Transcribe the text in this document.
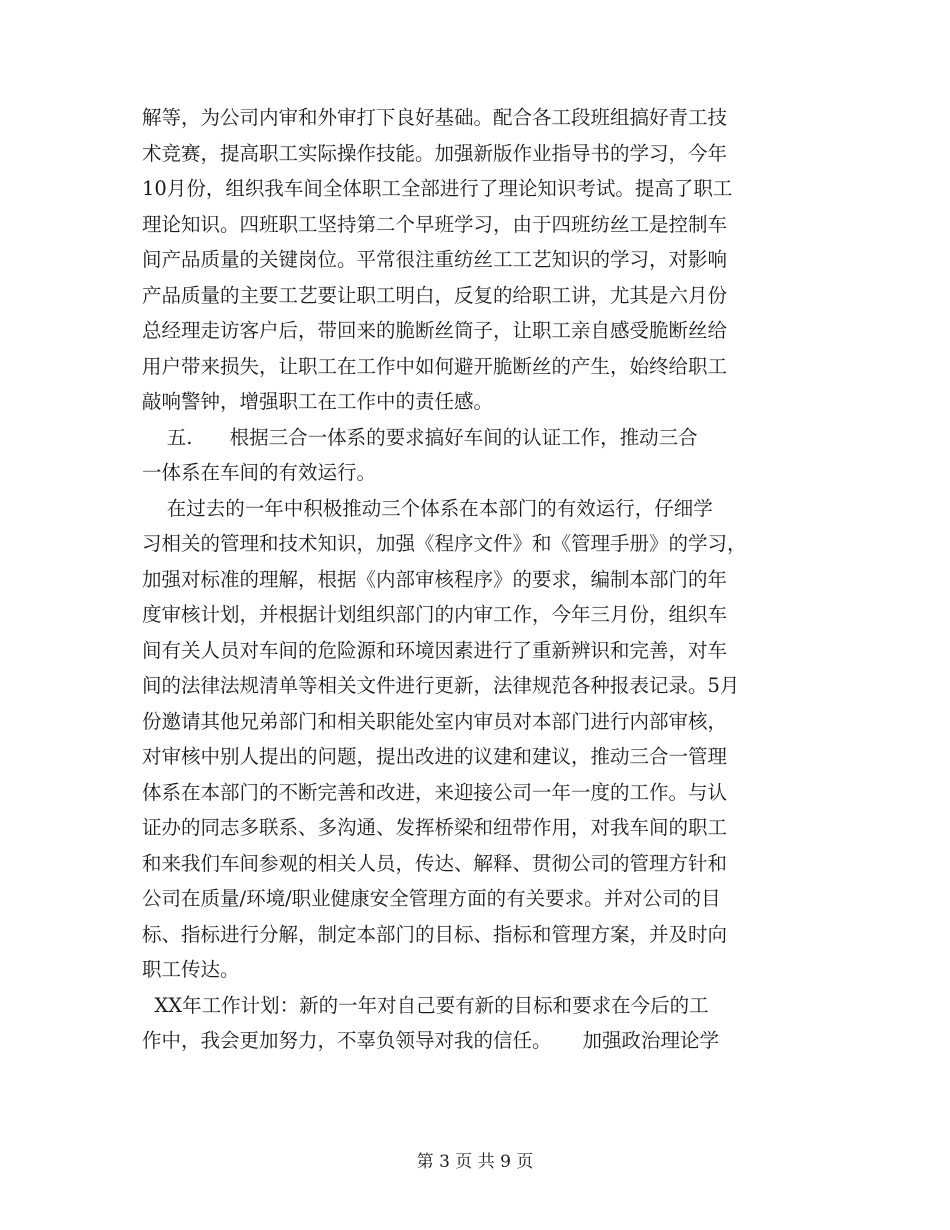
解等，为公司内审和外审打下良好基础。配合各工段班组搞好青工技
术竞赛，提高职工实际操作技能。加强新版作业指导书的学习，今年
10月份，组织我车间全体职工全部进行了理论知识考试。提高了职工
理论知识。四班职工坚持第二个早班学习，由于四班纺丝工是控制车
间产品质量的关键岗位。平常很注重纺丝工工艺知识的学习，对影响
产品质量的主要工艺要让职工明白，反复的给职工讲，尤其是六月份
总经理走访客户后，带回来的脆断丝筒子，让职工亲自感受脆断丝给
用户带来损失，让职工在工作中如何避开脆断丝的产生，始终给职工
敲响警钟，增强职工在工作中的责任感。
五.      根据三合一体系的要求搞好车间的认证工作，推动三合
一体系在车间的有效运行。
在过去的一年中积极推动三个体系在本部门的有效运行，仔细学
习相关的管理和技术知识，加强《程序文件》和《管理手册》的学习，
加强对标准的理解，根据《内部审核程序》的要求，编制本部门的年
度审核计划，并根据计划组织部门的内审工作，今年三月份，组织车
间有关人员对车间的危险源和环境因素进行了重新辨识和完善，对车
间的法律法规清单等相关文件进行更新，法律规范各种报表记录。5月
份邀请其他兄弟部门和相关职能处室内审员对本部门进行内部审核，
对审核中别人提出的问题，提出改进的议建和建议，推动三合一管理
体系在本部门的不断完善和改进，来迎接公司一年一度的工作。与认
证办的同志多联系、多沟通、发挥桥梁和纽带作用，对我车间的职工
和来我们车间参观的相关人员，传达、解释、贯彻公司的管理方针和
公司在质量/环境/职业健康安全管理方面的有关要求。并对公司的目
标、指标进行分解，制定本部门的目标、指标和管理方案，并及时向
职工传达。
XX年工作计划：新的一年对自己要有新的目标和要求在今后的工
作中，我会更加努力，不辜负领导对我的信任。     加强政治理论学
第 3 页 共 9 页
